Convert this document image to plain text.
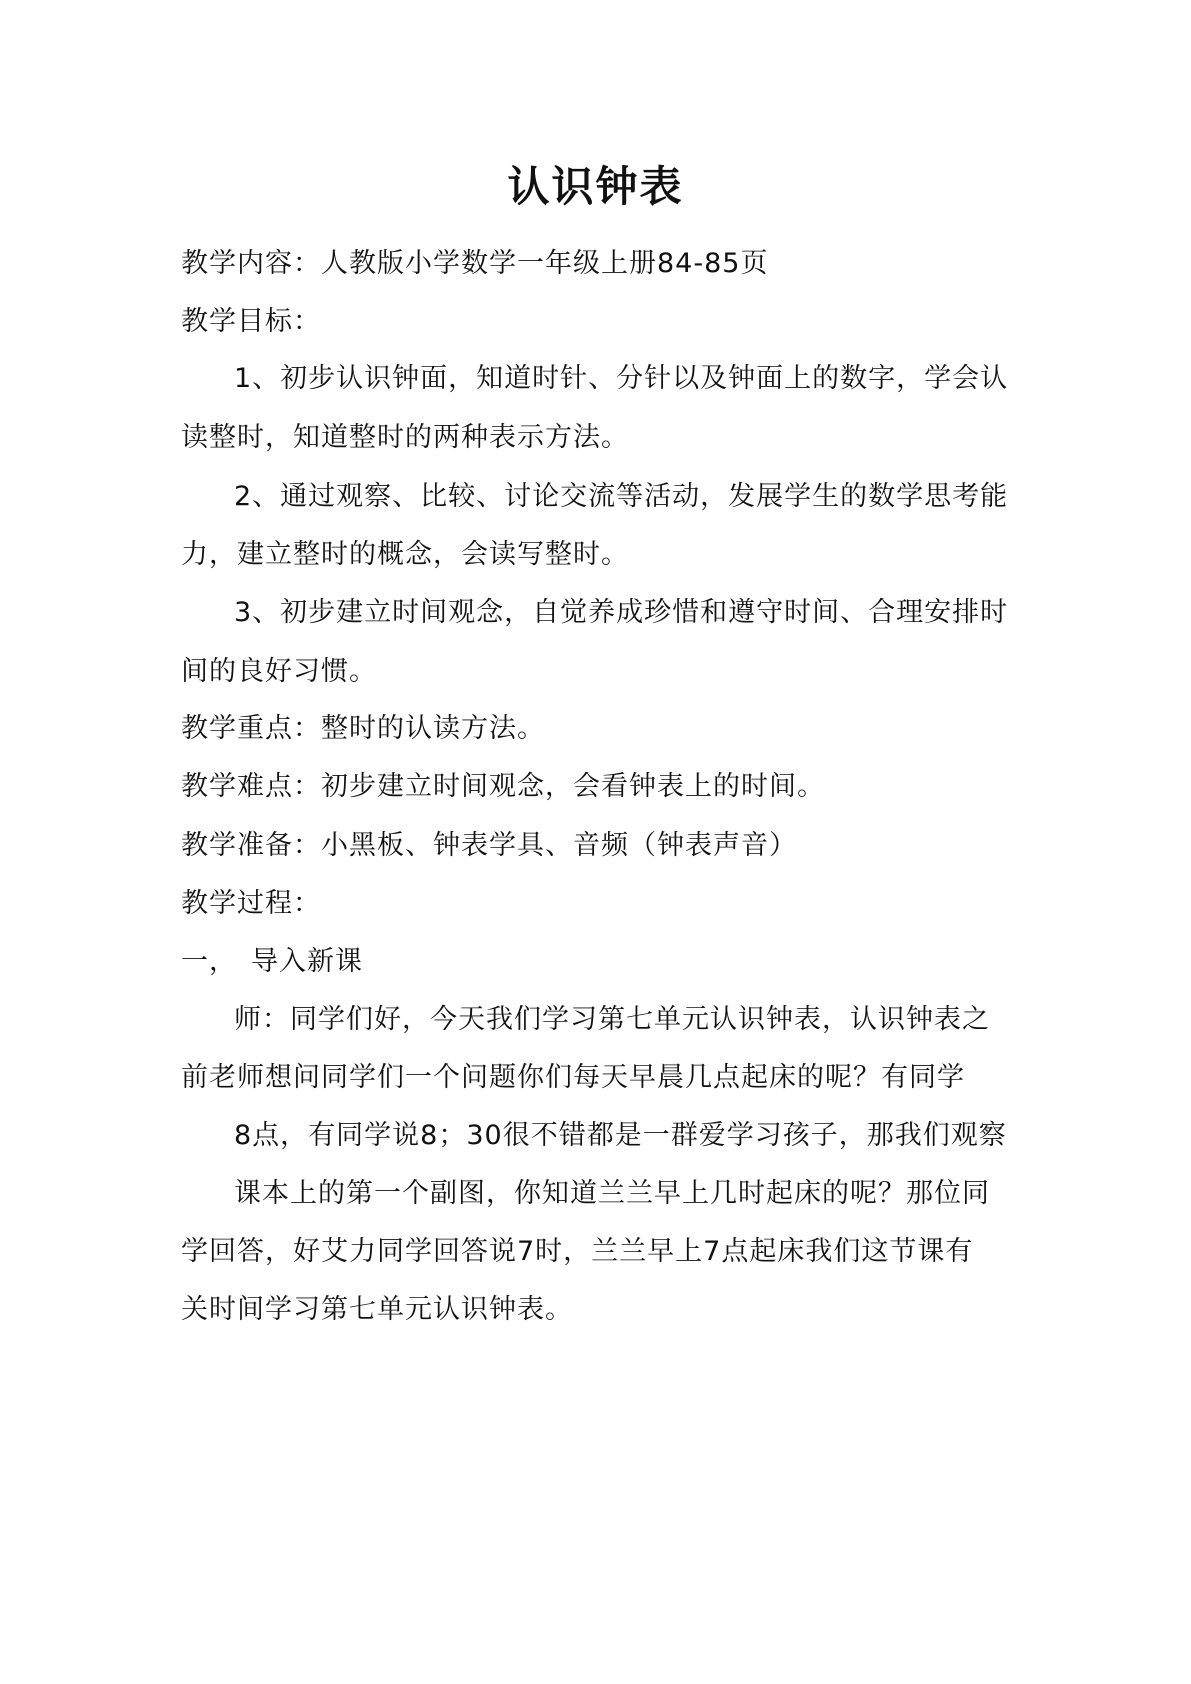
认识钟表
教学内容：人教版小学数学一年级上册84-85页
教学目标：
1、初步认识钟面，知道时针、分针以及钟面上的数字，学会认
读整时，知道整时的两种表示方法。
2、通过观察、比较、讨论交流等活动，发展学生的数学思考能
力，建立整时的概念，会读写整时。
3、初步建立时间观念，自觉养成珍惜和遵守时间、合理安排时
间的良好习惯。
教学重点：整时的认读方法。
教学难点：初步建立时间观念，会看钟表上的时间。
教学准备：小黑板、钟表学具、音频（钟表声音）
教学过程：
一， 导入新课
师：同学们好，今天我们学习第七单元认识钟表，认识钟表之
前老师想问同学们一个问题你们每天早晨几点起床的呢？有同学
8点，有同学说8；30很不错都是一群爱学习孩子，那我们观察
课本上的第一个副图，你知道兰兰早上几时起床的呢？那位同
学回答，好艾力同学回答说7时，兰兰早上7点起床我们这节课有
关时间学习第七单元认识钟表。
